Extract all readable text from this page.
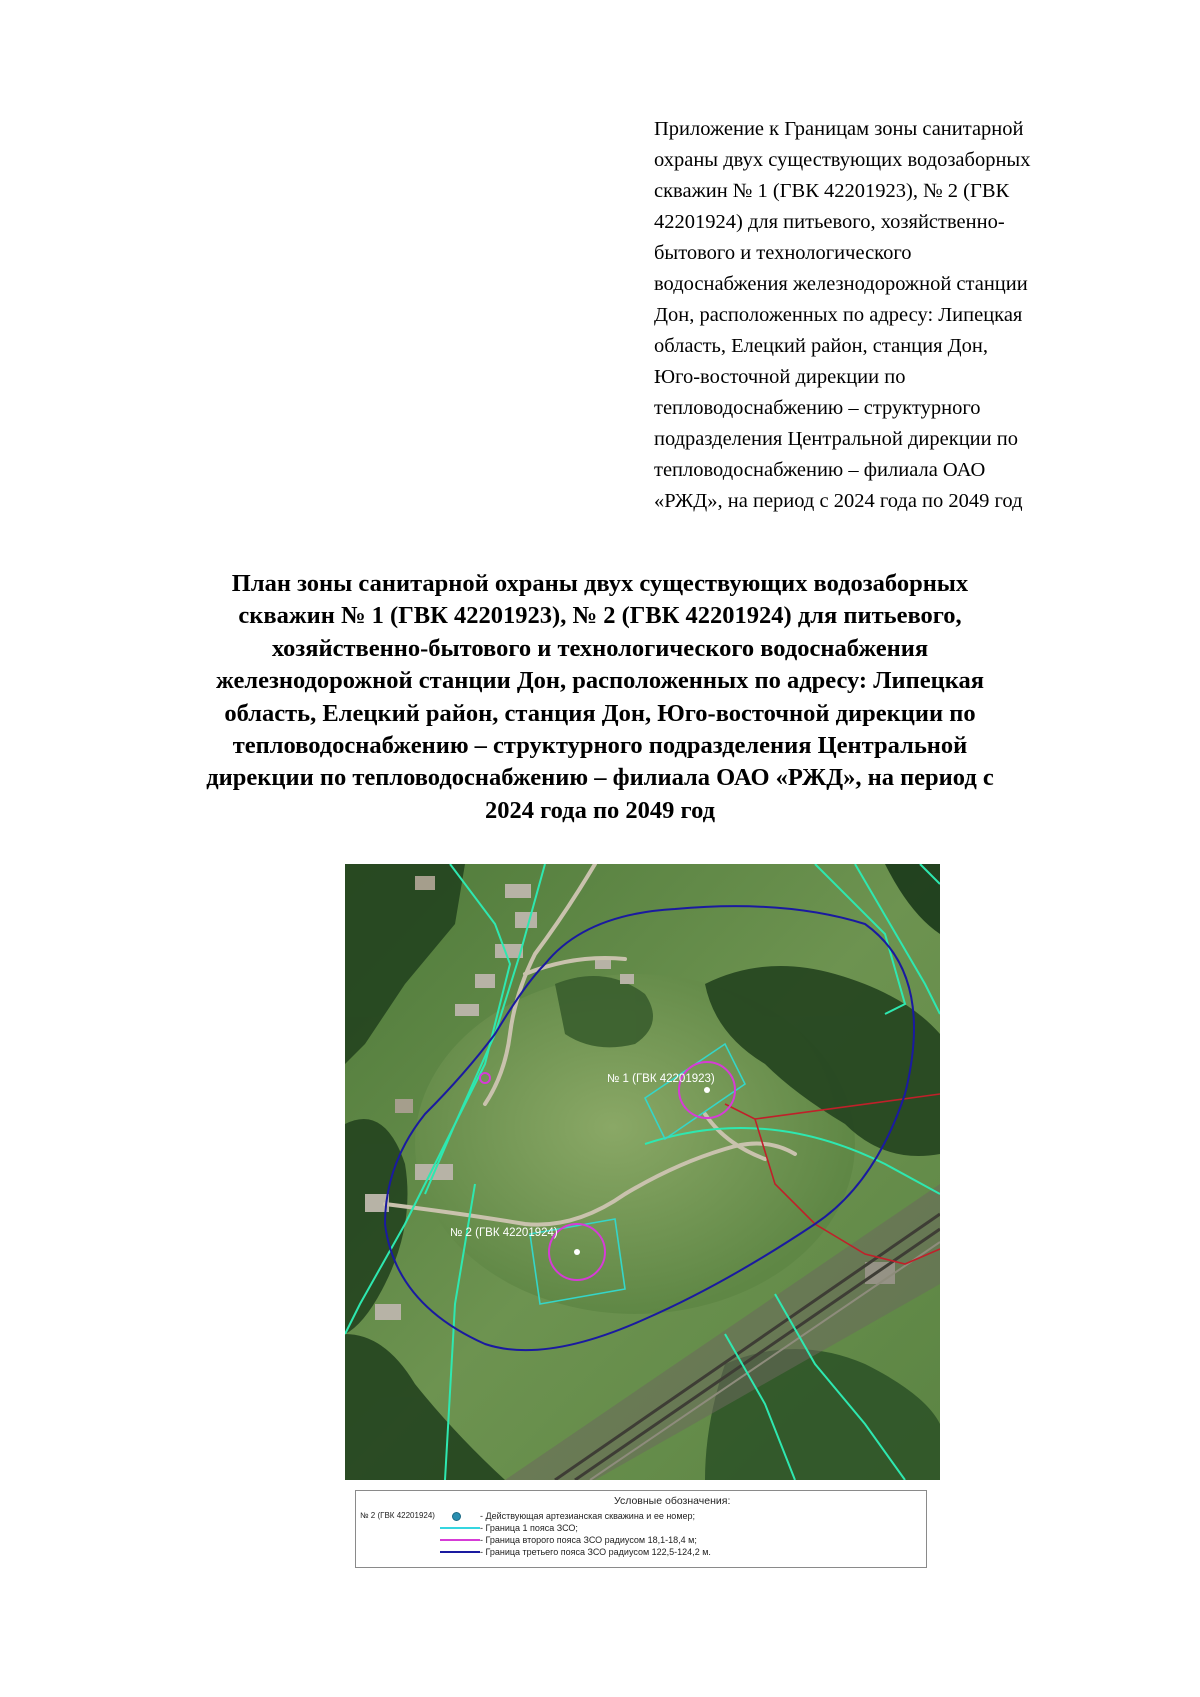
Приложение к Границам зоны санитарной
охраны двух существующих водозаборных
скважин № 1 (ГВК 42201923), № 2 (ГВК
42201924) для питьевого, хозяйственно-
бытового и технологического
водоснабжения железнодорожной станции
Дон, расположенных по адресу: Липецкая
область, Елецкий район, станция Дон,
Юго-восточной дирекции по
тепловодоснабжению – структурного
подразделения Центральной дирекции по
тепловодоснабжению – филиала ОАО
«РЖД», на период с 2024 года по 2049 год
План зоны санитарной охраны двух существующих водозаборных
скважин № 1 (ГВК 42201923), № 2 (ГВК 42201924) для питьевого,
хозяйственно-бытового и технологического водоснабжения
железнодорожной станции Дон, расположенных по адресу: Липецкая
область, Елецкий район, станция Дон, Юго-восточной дирекции по
тепловодоснабжению – структурного подразделения Центральной
дирекции по тепловодоснабжению – филиала ОАО «РЖД», на период с
2024 года по 2049 год
№ 1 (ГВК 42201923)
№ 2 (ГВК 42201924)
Условные обозначения:
№ 2 (ГВК 42201924)	- Действующая артезианская скважина и ее номер;
- Граница 1 пояса ЗСО;
- Граница второго пояса ЗСО радиусом 18,1-18,4 м;
- Граница третьего пояса ЗСО радиусом 122,5-124,2 м.
